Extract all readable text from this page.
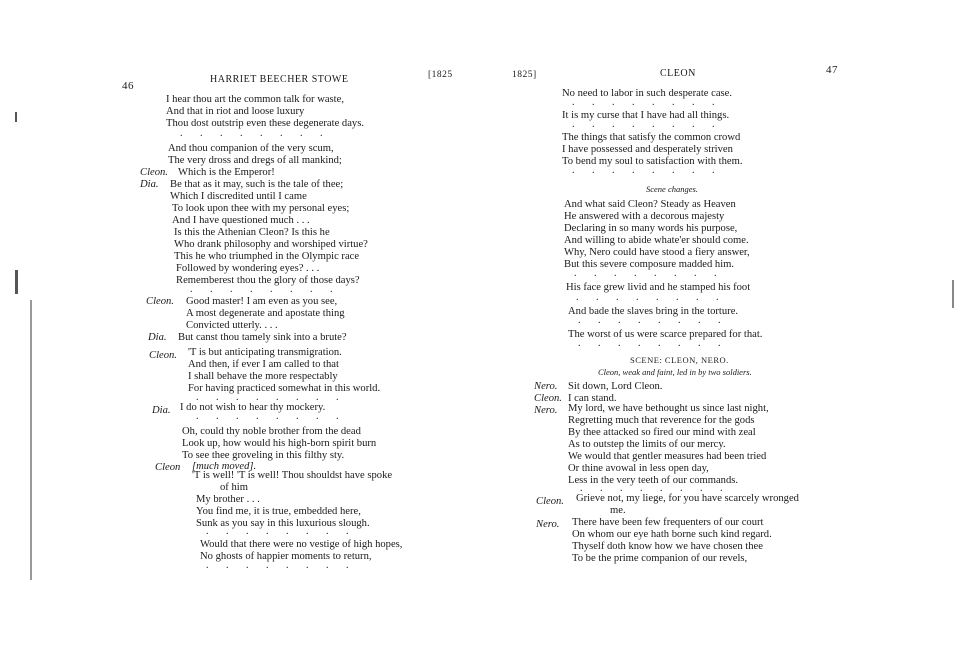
46
HARRIET BEECHER STOWE	[1825
I hear thou art the common talk for waste,
And that in riot and loose luxury
Thou dost outstrip even these degenerate days.
.       .       .       .       .       .       .       .
And thou companion of the very scum,
The very dross and dregs of all mankind;
Cleon. Which is the Emperor!
Dia. Be that as it may, such is the tale of thee;
Which I discredited until I came
To look upon thee with my personal eyes;
And I have questioned much . . .
Is this the Athenian Cleon? Is this he
Who drank philosophy and worshiped virtue?
This he who triumphed in the Olympic race
Followed by wondering eyes? . . .
Rememberest thou the glory of those days?
.       .       .       .       .       .       .       .
Cleon. Good master! I am even as you see,
A most degenerate and apostate thing
Convicted utterly. . . .
Dia. But canst thou tamely sink into a brute?
Cleon. 'T is but anticipating transmigration.
And then, if ever I am called to that
I shall behave the more respectably
For having practiced somewhat in this world.
.       .       .       .       .       .       .       .
Dia. I do not wish to hear thy mockery.
.       .       .       .       .       .       .       .
Oh, could thy noble brother from the dead
Look up, how would his high-born spirit burn
To see thee groveling in this filthy sty.
Cleon [much moved].
'T is well! 'T is well! Thou shouldst have spoke
of him
My brother . . .
You find me, it is true, embedded here,
Sunk as you say in this luxurious slough.
.       .       .       .       .       .       .       .
Would that there were no vestige of high hopes,
No ghosts of happier moments to return,
.       .       .       .       .       .       .       .
1825]	CLEON	47
No need to labor in such desperate case.
.       .       .       .       .       .       .       .
It is my curse that I have had all things.
.       .       .       .       .       .       .       .
The things that satisfy the common crowd
I have possessed and desperately striven
To bend my soul to satisfaction with them.
.       .       .       .       .       .       .       .
Scene changes.
And what said Cleon? Steady as Heaven
He answered with a decorous majesty
Declaring in so many words his purpose,
And willing to abide whate'er should come.
Why, Nero could have stood a fiery answer,
But this severe composure madded him.
.       .       .       .       .       .       .       .
His face grew livid and he stamped his foot
.       .       .       .       .       .       .       .
And bade the slaves bring in the torture.
.       .       .       .       .       .       .       .
The worst of us were scarce prepared for that.
.       .       .       .       .       .       .       .
SCENE: CLEON, NERO.
Cleon, weak and faint, led in by two soldiers.
Nero. Sit down, Lord Cleon.
Cleon. I can stand.
Nero. My lord, we have bethought us since last night,
Regretting much that reverence for the gods
By thee attacked so fired our mind with zeal
As to outstep the limits of our mercy.
We would that gentler measures had been tried
Or thine avowal in less open day,
Less in the very teeth of our commands.
.       .       .       .       .       .       .       .
Cleon. Grieve not, my liege, for you have scarcely wronged
me.
Nero. There have been few frequenters of our court
On whom our eye hath borne such kind regard.
Thyself doth know how we have chosen thee
To be the prime companion of our revels,
